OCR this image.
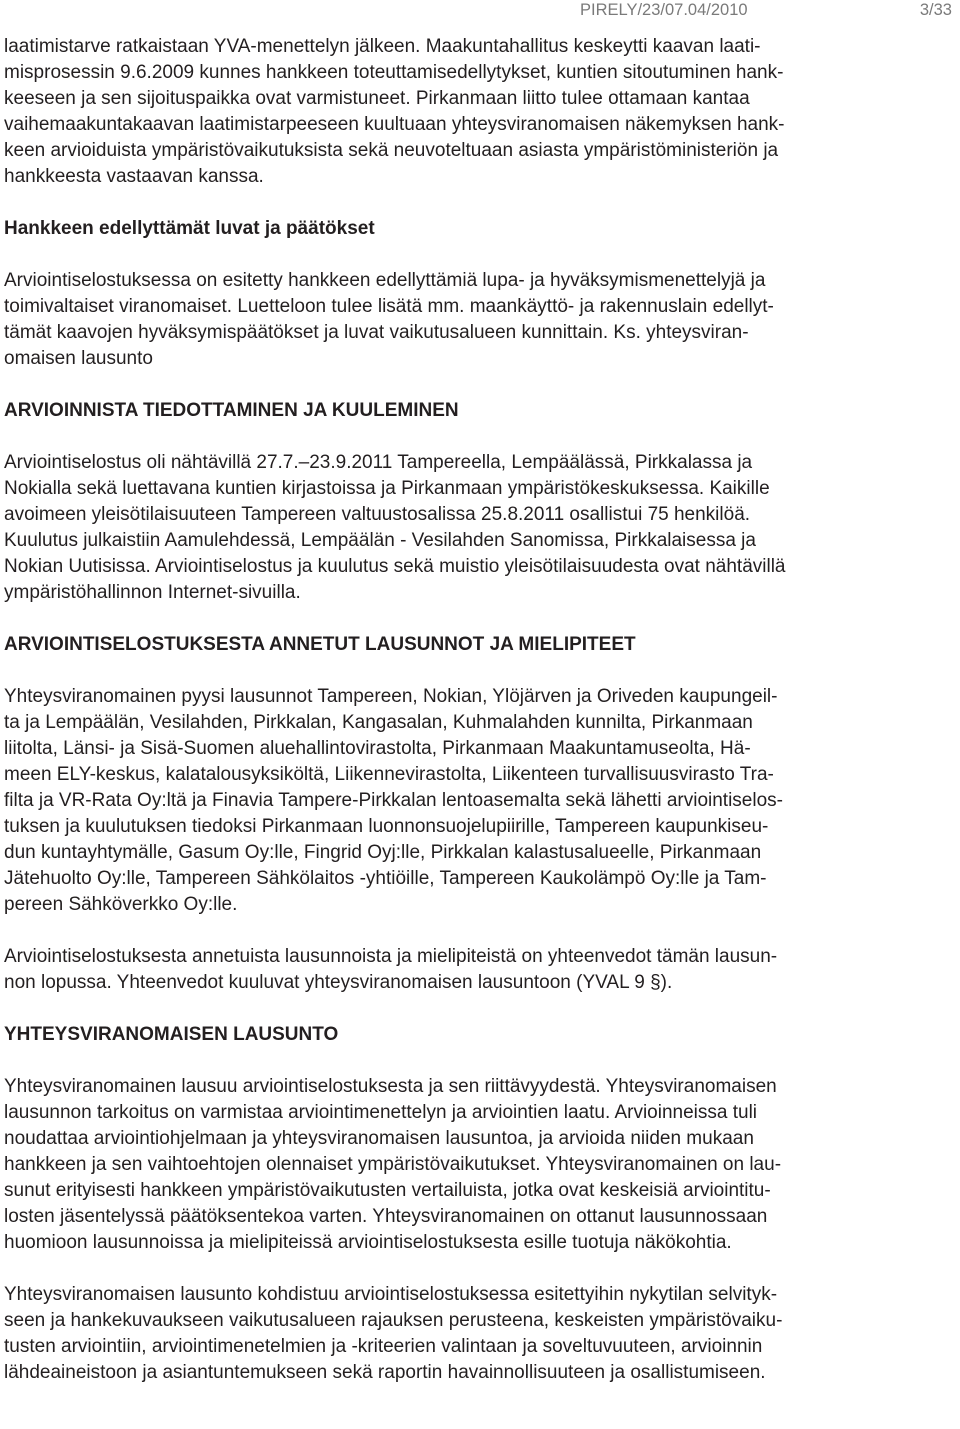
PIRELY/23/07.04/2010	3/33

laatimistarve ratkaistaan YVA-menettelyn jälkeen. Maakuntahallitus keskeytti kaavan laati-
misprosessin 9.6.2009 kunnes hankkeen toteuttamisedellytykset, kuntien sitoutuminen hank-
keeseen ja sen sijoituspaikka ovat varmistuneet. Pirkanmaan liitto tulee ottamaan kantaa
vaihemaakuntakaavan laatimistarpeeseen kuultuaan yhteysviranomaisen näkemyksen hank-
keen arvioiduista ympäristövaikutuksista sekä neuvoteltuaan asiasta ympäristöministeriön ja
hankkeesta vastaavan kanssa.

Hankkeen edellyttämät luvat ja päätökset

Arviointiselostuksessa on esitetty hankkeen edellyttämiä lupa- ja hyväksymismenettelyjä ja
toimivaltaiset viranomaiset. Luetteloon tulee lisätä mm. maankäyttö- ja rakennuslain edellyt-
tämät kaavojen hyväksymispäätökset ja luvat vaikutusalueen kunnittain. Ks. yhteysviran-
omaisen lausunto

ARVIOINNISTA TIEDOTTAMINEN JA KUULEMINEN

Arviointiselostus oli nähtävillä 27.7.–23.9.2011 Tampereella, Lempäälässä, Pirkkalassa ja
Nokialla sekä luettavana kuntien kirjastoissa ja Pirkanmaan ympäristökeskuksessa. Kaikille
avoimeen yleisötilaisuuteen Tampereen valtuustosalissa 25.8.2011 osallistui 75 henkilöä.
Kuulutus julkaistiin Aamulehdessä, Lempäälän - Vesilahden Sanomissa, Pirkkalaisessa ja
Nokian Uutisissa. Arviointiselostus ja kuulutus sekä muistio yleisötilaisuudesta ovat nähtävillä
ympäristöhallinnon Internet-sivuilla.

ARVIOINTISELOSTUKSESTA ANNETUT LAUSUNNOT JA MIELIPITEET

Yhteysviranomainen pyysi lausunnot Tampereen, Nokian, Ylöjärven ja Oriveden kaupungeil-
ta ja Lempäälän, Vesilahden, Pirkkalan, Kangasalan, Kuhmalahden kunnilta, Pirkanmaan
liitolta, Länsi- ja Sisä-Suomen aluehallintovirastolta, Pirkanmaan Maakuntamuseolta, Hä-
meen ELY-keskus, kalatalousyksiköltä, Liikennevirastolta, Liikenteen turvallisuusvirasto Tra-
filta ja VR-Rata Oy:ltä ja Finavia Tampere-Pirkkalan lentoasemalta sekä lähetti arviointiselos-
tuksen ja kuulutuksen tiedoksi Pirkanmaan luonnonsuojelupiirille, Tampereen kaupunkiseu-
dun kuntayhtymälle, Gasum Oy:lle, Fingrid Oyj:lle, Pirkkalan kalastusalueelle, Pirkanmaan
Jätehuolto Oy:lle, Tampereen Sähkölaitos -yhtiöille, Tampereen Kaukolämpö Oy:lle ja Tam-
pereen Sähköverkko Oy:lle.

Arviointiselostuksesta annetuista lausunnoista ja mielipiteistä on yhteenvedot tämän lausun-
non lopussa. Yhteenvedot kuuluvat yhteysviranomaisen lausuntoon (YVAL 9 §).

YHTEYSVIRANOMAISEN LAUSUNTO

Yhteysviranomainen lausuu arviointiselostuksesta ja sen riittävyydestä. Yhteysviranomaisen
lausunnon tarkoitus on varmistaa arviointimenettelyn ja arviointien laatu. Arvioinneissa tuli
noudattaa arviointiohjelmaan ja yhteysviranomaisen lausuntoa, ja arvioida niiden mukaan
hankkeen ja sen vaihtoehtojen olennaiset ympäristövaikutukset. Yhteysviranomainen on lau-
sunut erityisesti hankkeen ympäristövaikutusten vertailuista, jotka ovat keskeisiä arviointitu-
losten jäsentelyssä päätöksentekoa varten. Yhteysviranomainen on ottanut lausunnossaan
huomioon lausunnoissa ja mielipiteissä arviointiselostuksesta esille tuotuja näkökohtia.

Yhteysviranomaisen lausunto kohdistuu arviointiselostuksessa esitettyihin nykytilan selvityk-
seen ja hankekuvaukseen vaikutusalueen rajauksen perusteena, keskeisten ympäristövaiku-
tusten arviointiin, arviointimenetelmien ja -kriteerien valintaan ja soveltuvuuteen, arvioinnin
lähdeaineistoon ja asiantuntemukseen sekä raportin havainnollisuuteen ja osallistumiseen.
